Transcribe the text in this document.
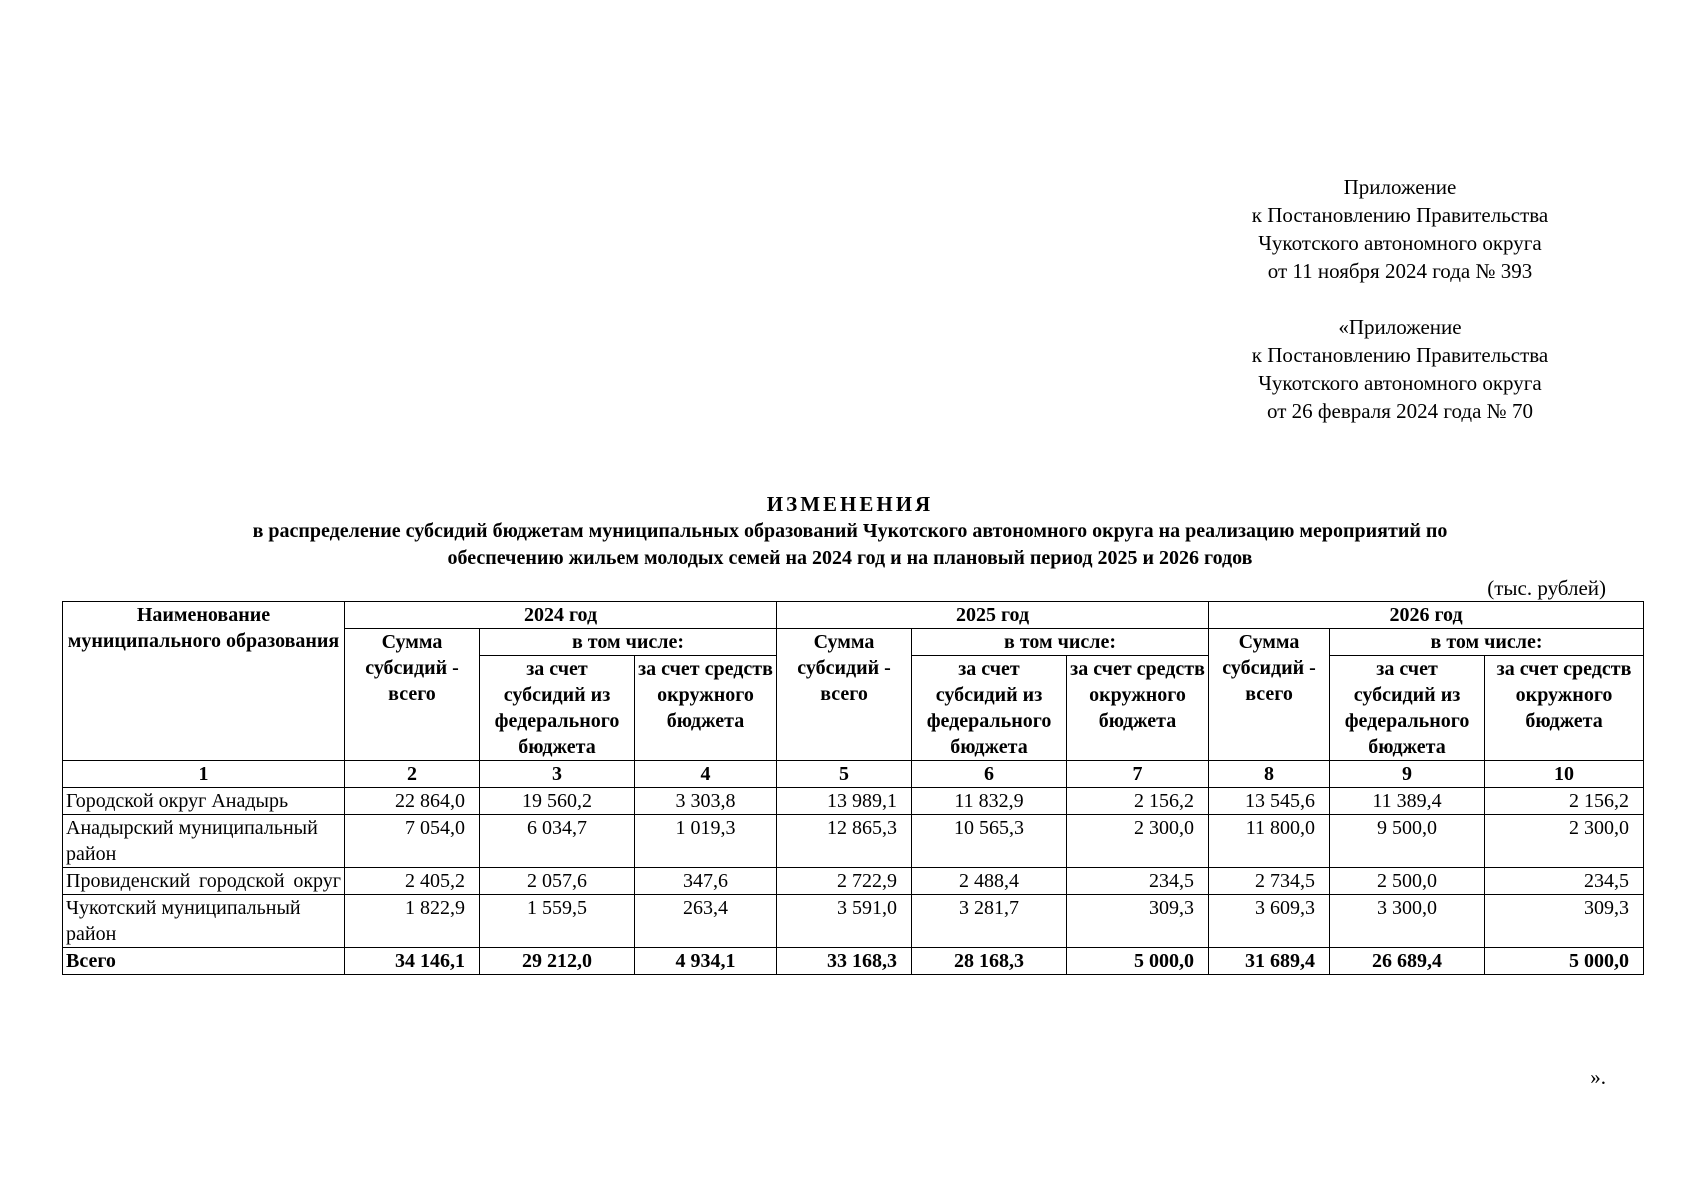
Приложение
к Постановлению Правительства
Чукотского автономного округа
от 11 ноября 2024 года № 393
«Приложение
к Постановлению Правительства
Чукотского автономного округа
от 26 февраля 2024 года № 70
ИЗМЕНЕНИЯ
в распределение субсидий бюджетам муниципальных образований Чукотского автономного округа на реализацию мероприятий по
обеспечению жильем молодых семей на 2024 год и на плановый период 2025 и 2026 годов
(тыс. рублей)
Наименование муниципального образования	2024 год			2025 год			2026 год		
	Сумма субсидий - всего	в том числе:		Сумма субсидий - всего	в том числе:		Сумма субсидий - всего	в том числе:	
		за счет субсидий из федерального бюджета	за счет средств окружного бюджета		за счет субсидий из федерального бюджета	за счет средств окружного бюджета		за счет субсидий из федерального бюджета	за счет средств окружного бюджета
1	2	3	4	5	6	7	8	9	10
Городской округ Анадырь	22 864,0	19 560,2	3 303,8	13 989,1	11 832,9	2 156,2	13 545,6	11 389,4	2 156,2
Анадырский муниципальный район	7 054,0	6 034,7	1 019,3	12 865,3	10 565,3	2 300,0	11 800,0	9 500,0	2 300,0
Провиденский городской округ	2 405,2	2 057,6	347,6	2 722,9	2 488,4	234,5	2 734,5	2 500,0	234,5
Чукотский муниципальный район	1 822,9	1 559,5	263,4	3 591,0	3 281,7	309,3	3 609,3	3 300,0	309,3
Всего	34 146,1	29 212,0	4 934,1	33 168,3	28 168,3	5 000,0	31 689,4	26 689,4	5 000,0
».
